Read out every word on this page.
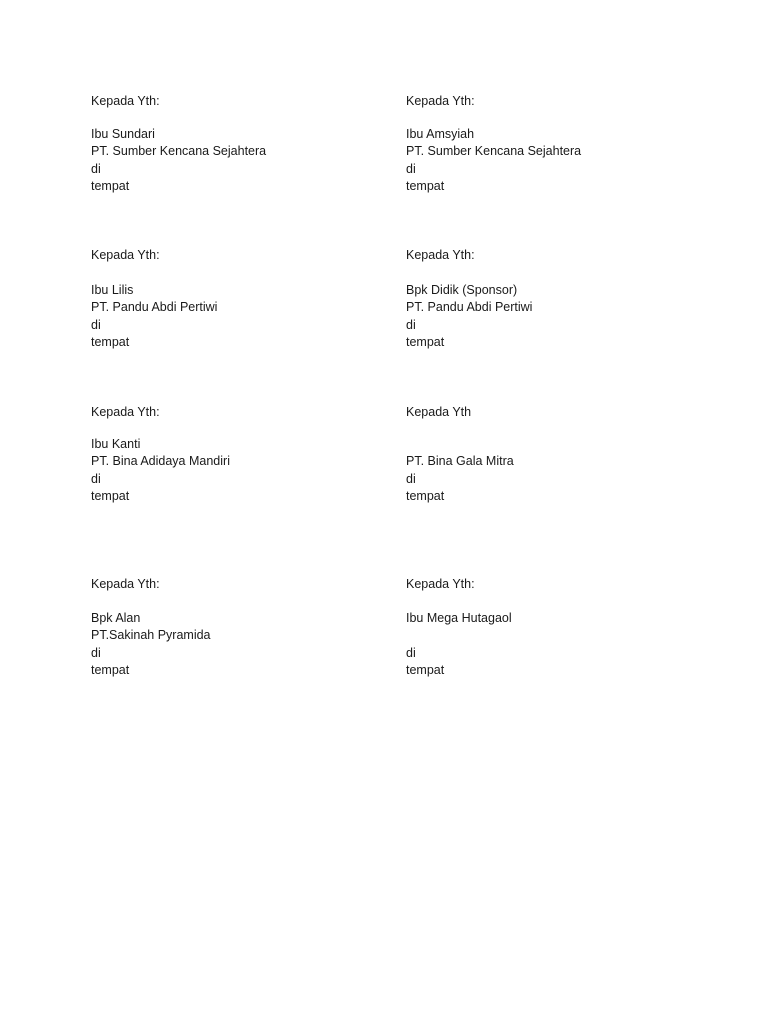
Kepada Yth:
Ibu Sundari
PT. Sumber Kencana Sejahtera
di
tempat
Kepada Yth:
Ibu Amsyiah
PT. Sumber Kencana Sejahtera
di
tempat
Kepada Yth:
Ibu Lilis
PT. Pandu Abdi Pertiwi
di
tempat
Kepada Yth:
Bpk Didik (Sponsor)
PT. Pandu Abdi Pertiwi
di
tempat
Kepada Yth:
Ibu Kanti
PT. Bina Adidaya Mandiri
di
tempat
Kepada Yth
PT. Bina Gala Mitra
di
tempat
Kepada Yth:
Bpk Alan
PT.Sakinah Pyramida
di
tempat
Kepada Yth:
Ibu Mega Hutagaol
di
tempat
